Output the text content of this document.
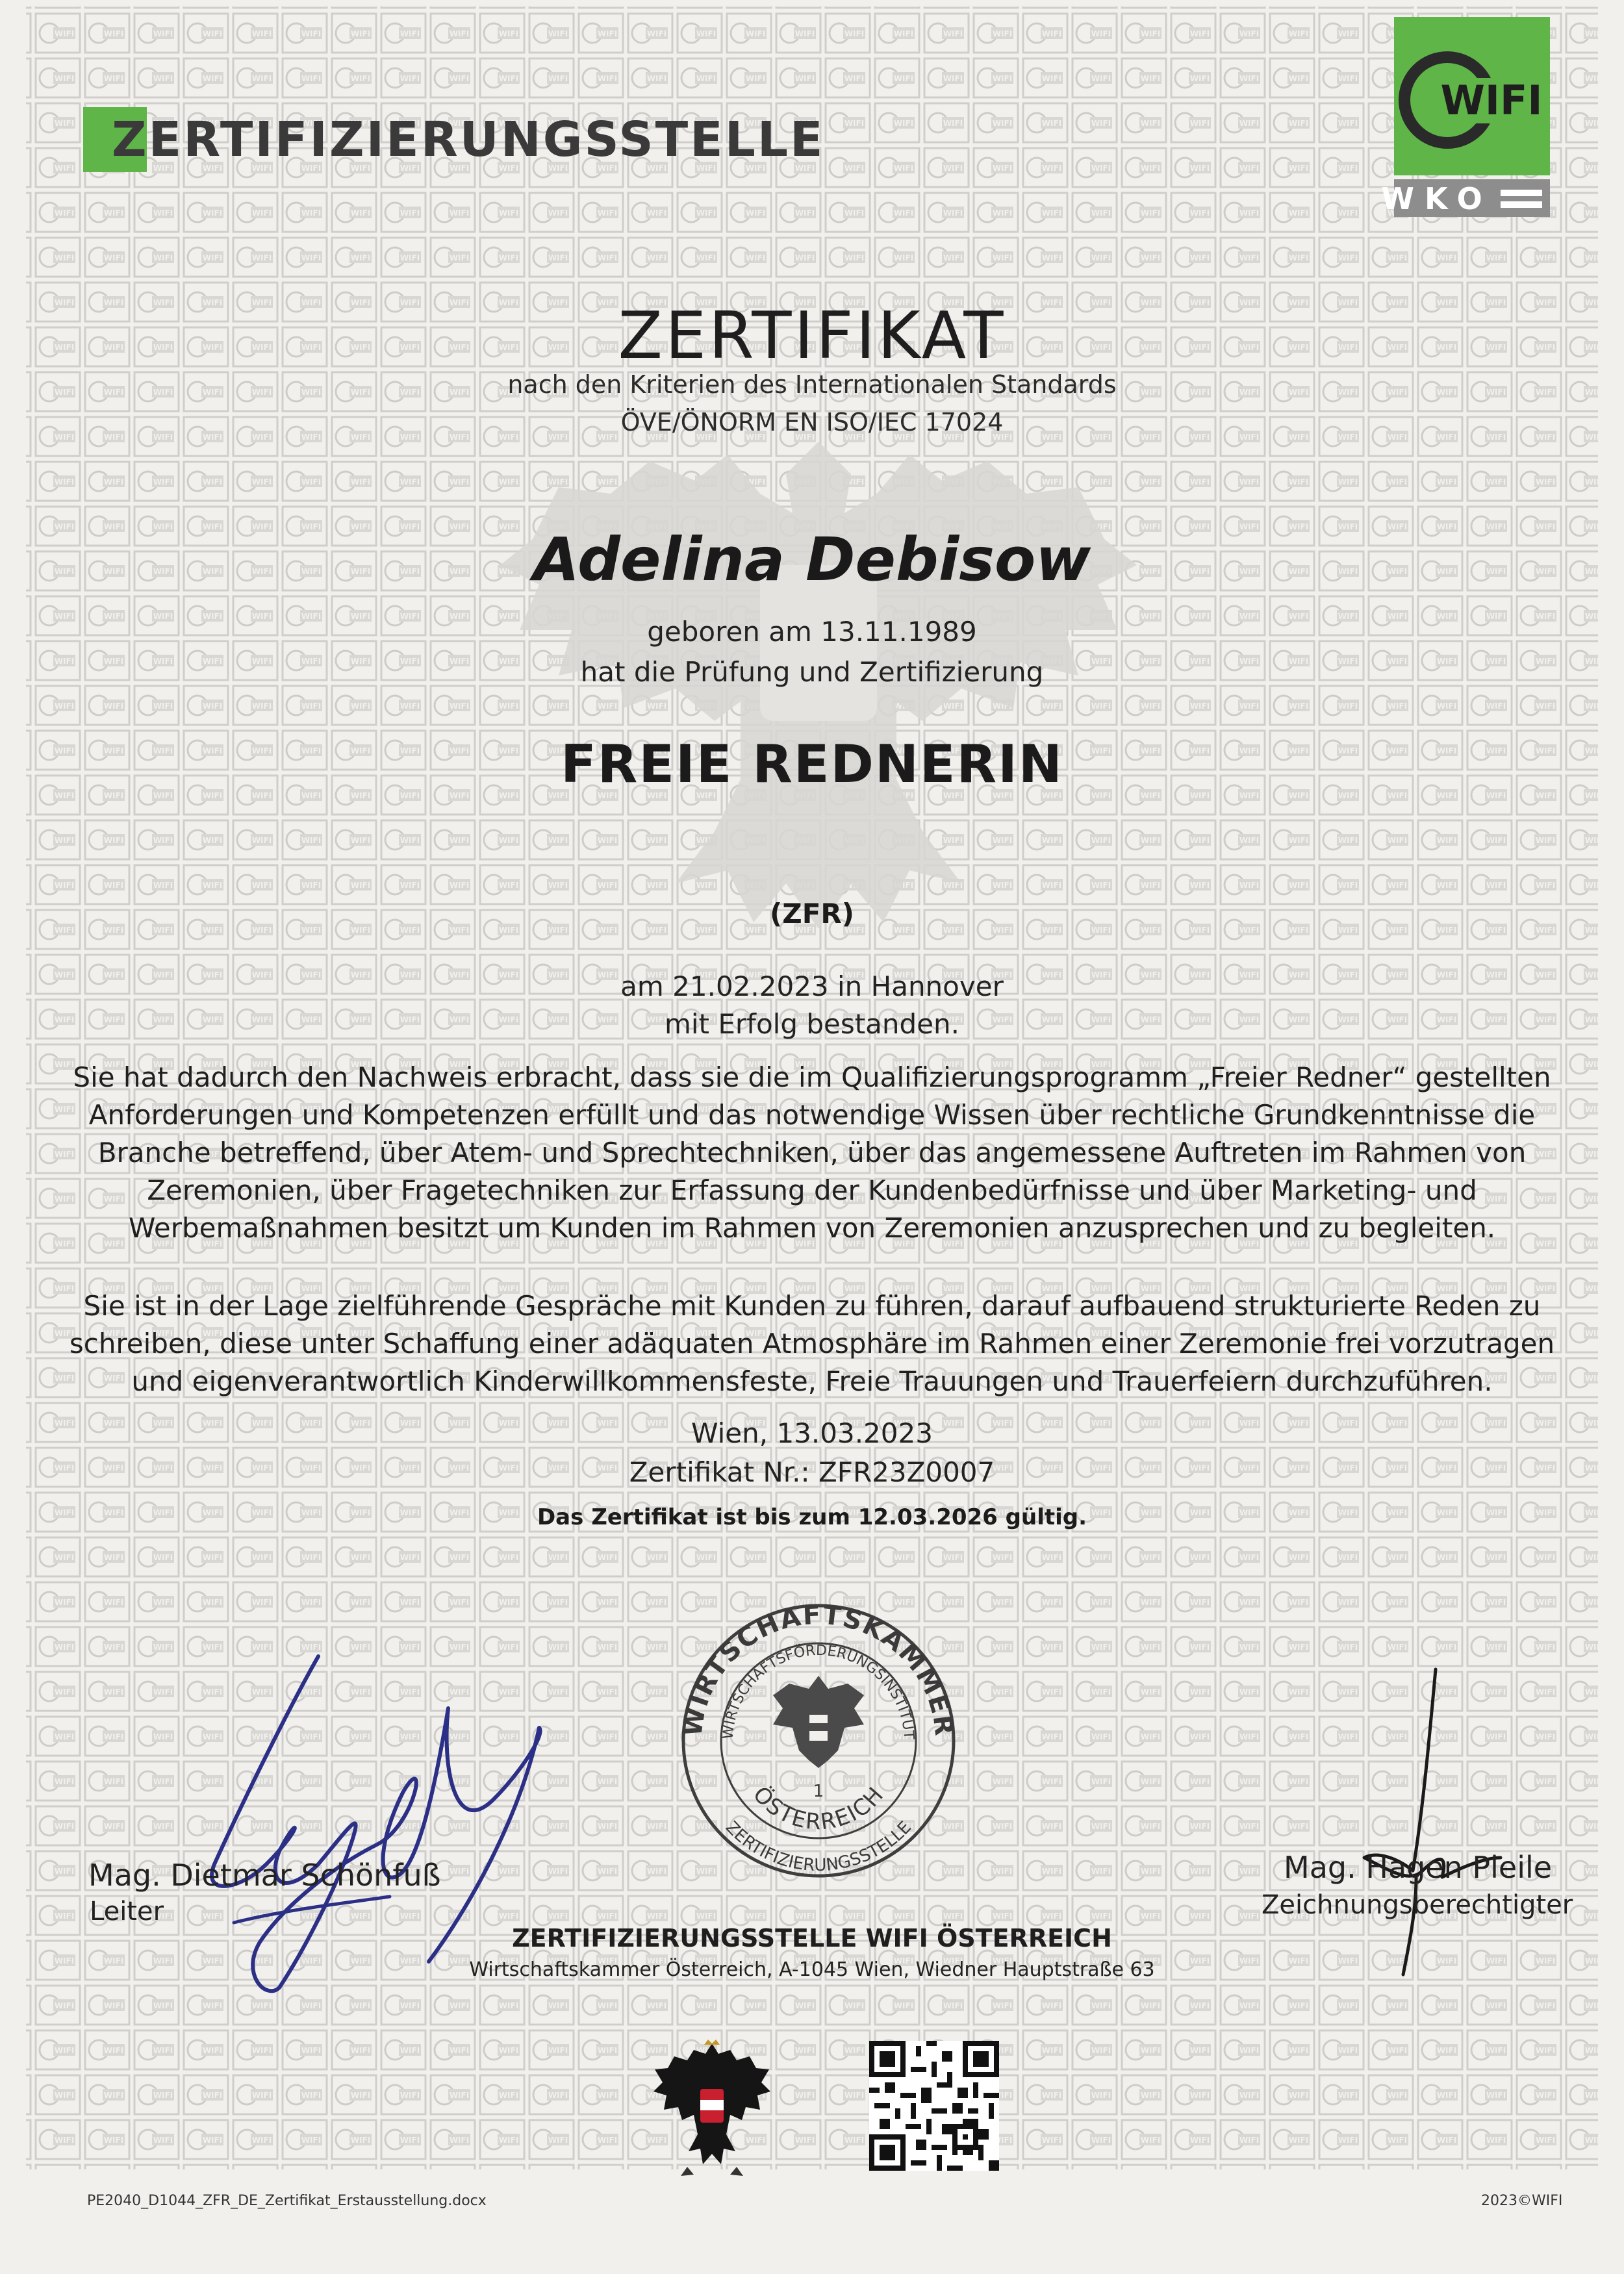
ZERTIFIZIERUNGSSTELLE
WIFI
WKO
ZERTIFIKAT
nach den Kriterien des Internationalen Standards
ÖVE/ÖNORM EN ISO/IEC 17024
Adelina Debisow
geboren am 13.11.1989
hat die Prüfung und Zertifizierung
FREIE REDNERIN
(ZFR)
am 21.02.2023 in Hannover
mit Erfolg bestanden.
Sie hat dadurch den Nachweis erbracht, dass sie die im Qualifizierungsprogramm „Freier Redner“ gestellten Anforderungen und Kompetenzen erfüllt und das notwendige Wissen über rechtliche Grundkenntnisse die Branche betreffend, über Atem- und Sprechtechniken, über das angemessene Auftreten im Rahmen von Zeremonien, über Fragetechniken zur Erfassung der Kundenbedürfnisse und über Marketing- und Werbemaßnahmen besitzt um Kunden im Rahmen von Zeremonien anzusprechen und zu begleiten.
Sie ist in der Lage zielführende Gespräche mit Kunden zu führen, darauf aufbauend strukturierte Reden zu schreiben, diese unter Schaffung einer adäquaten Atmosphäre im Rahmen einer Zeremonie frei vorzutragen und eigenverantwortlich Kinderwillkommensfeste, Freie Trauungen und Trauerfeiern durchzuführen.
Wien, 13.03.2023
Zertifikat Nr.: ZFR23Z0007
Das Zertifikat ist bis zum 12.03.2026 gültig.
WIRTSCHAFTSKAMMER
WIRTSCHAFTSFÖRDERUNGSINSTITUT
ÖSTERREICH
ZERTIFIZIERUNGSSTELLE
1
Mag. Dietmar Schönfuß
Leiter
Mag. Hagen Pleile
Zeichnungsberechtigter
ZERTIFIZIERUNGSSTELLE WIFI ÖSTERREICH
Wirtschaftskammer Österreich, A-1045 Wien, Wiedner Hauptstraße 63
PE2040_D1044_ZFR_DE_Zertifikat_Erstausstellung.docx	2023©WIFI
